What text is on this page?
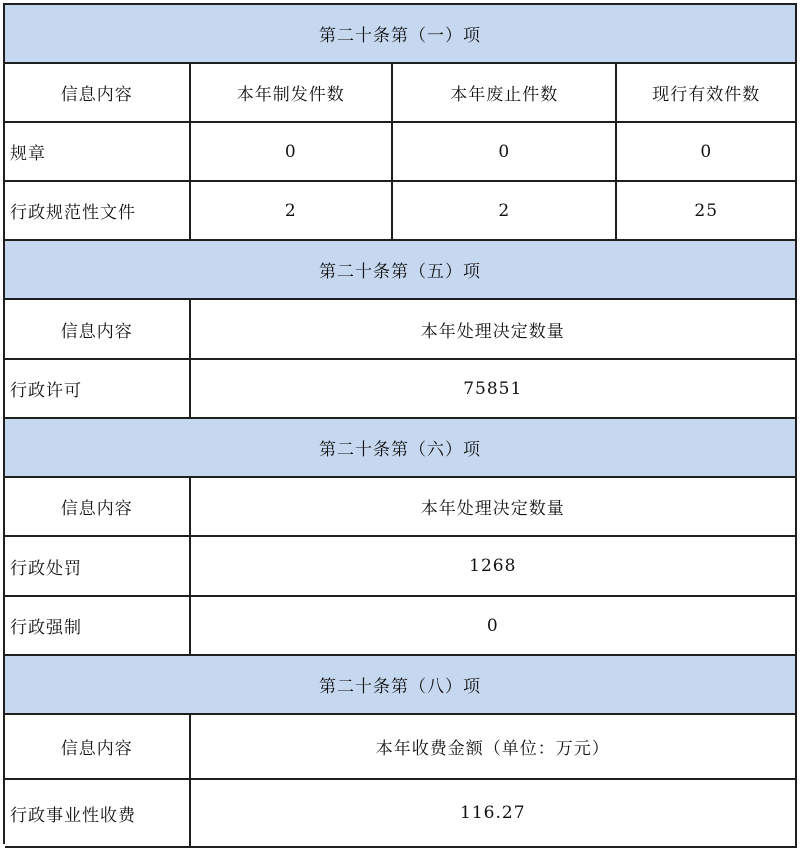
第二十条第（一）项
信息内容	本年制发件数	本年废止件数	现行有效件数
规章	0	0	0
行政规范性文件	2	2	25
第二十条第（五）项
信息内容	本年处理决定数量
行政许可	75851
第二十条第（六）项
信息内容	本年处理决定数量
行政处罚	1268
行政强制	0
第二十条第（八）项
信息内容	本年收费金额（单位：万元）
行政事业性收费	116.27
